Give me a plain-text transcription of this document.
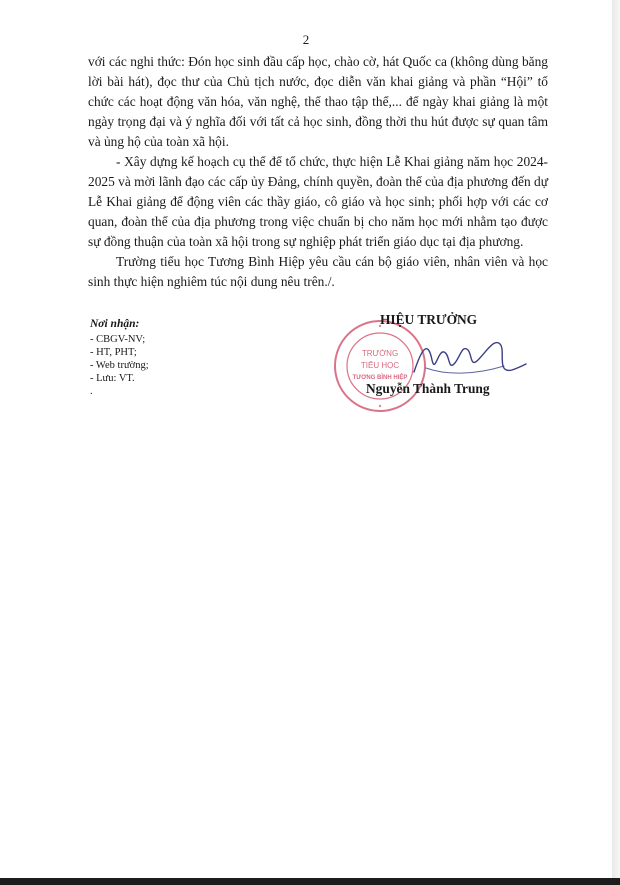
2

với các nghi thức: Đón học sinh đầu cấp học, chào cờ, hát Quốc ca (không dùng băng lời bài hát), đọc thư của Chủ tịch nước, đọc diễn văn khai giảng và phần “Hội” tổ chức các hoạt động văn hóa, văn nghệ, thể thao tập thể,... để ngày khai giảng là một ngày trọng đại và ý nghĩa đối với tất cả học sinh, đồng thời thu hút được sự quan tâm và ủng hộ của toàn xã hội.

- Xây dựng kế hoạch cụ thể để tổ chức, thực hiện Lễ Khai giảng năm học 2024-2025 và mời lãnh đạo các cấp ủy Đảng, chính quyền, đoàn thể của địa phương đến dự Lễ Khai giảng để động viên các thầy giáo, cô giáo và học sinh; phối hợp với các cơ quan, đoàn thể của địa phương trong việc chuẩn bị cho năm học mới nhằm tạo được sự đồng thuận của toàn xã hội trong sự nghiệp phát triển giáo dục tại địa phương.

Trường tiểu học Tương Bình Hiệp yêu cầu cán bộ giáo viên, nhân viên và học sinh thực hiện nghiêm túc nội dung nêu trên./.

Nơi nhận:
- CBGV-NV;
- HT, PHT;
- Web trường;
- Lưu: VT.
.
TRƯỜNG
TIỂU HỌC
TƯƠNG BÌNH HIỆP
HIỆU TRƯỞNG
Nguyễn Thành Trung
